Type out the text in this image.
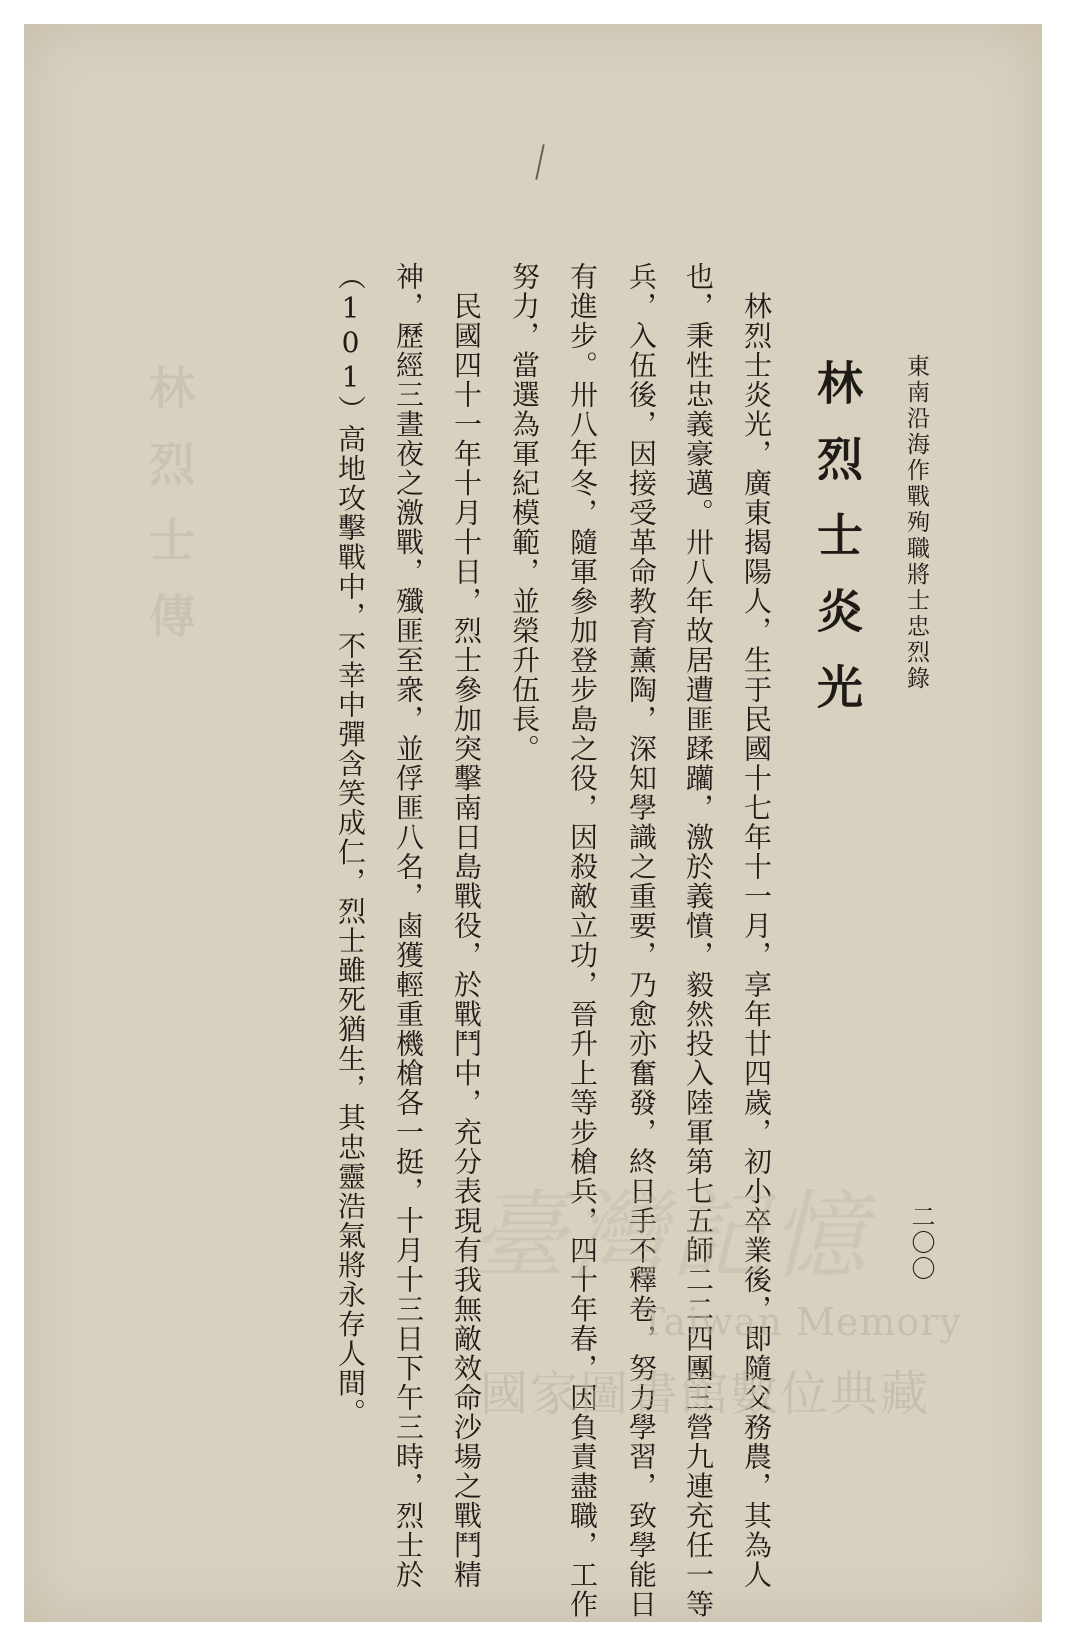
東南沿海作戰殉職將士忠烈錄
二〇〇
林烈士炎光
　林烈士炎光，廣東揭陽人，生于民國十七年十一月，享年廿四歲，初小卒業後，即隨父務農，其為人
也，秉性忠義豪邁。卅八年故居遭匪蹂躪，激於義憤，毅然投入陸軍第七五師二二四團三營九連充任一等
兵，入伍後，因接受革命教育薰陶，深知學識之重要，乃愈亦奮發，終日手不釋卷，努力學習，致學能日
有進步。卅八年冬，隨軍參加登步島之役，因殺敵立功，晉升上等步槍兵，四十年春，因負責盡職，工作
努力，當選為軍紀模範，並榮升伍長。
　民國四十一年十月十日，烈士參加突擊南日島戰役，於戰鬥中，充分表現有我無敵效命沙場之戰鬥精
神，歷經三晝夜之激戰，殲匪至衆，並俘匪八名，鹵獲輕重機槍各一挺，十月十三日下午三時，烈士於
（101）高地攻擊戰中，不幸中彈含笑成仁，烈士雖死猶生，其忠靈浩氣將永存人間。
林烈士傳
臺灣記憶
Taiwan Memory
國家圖書館數位典藏
